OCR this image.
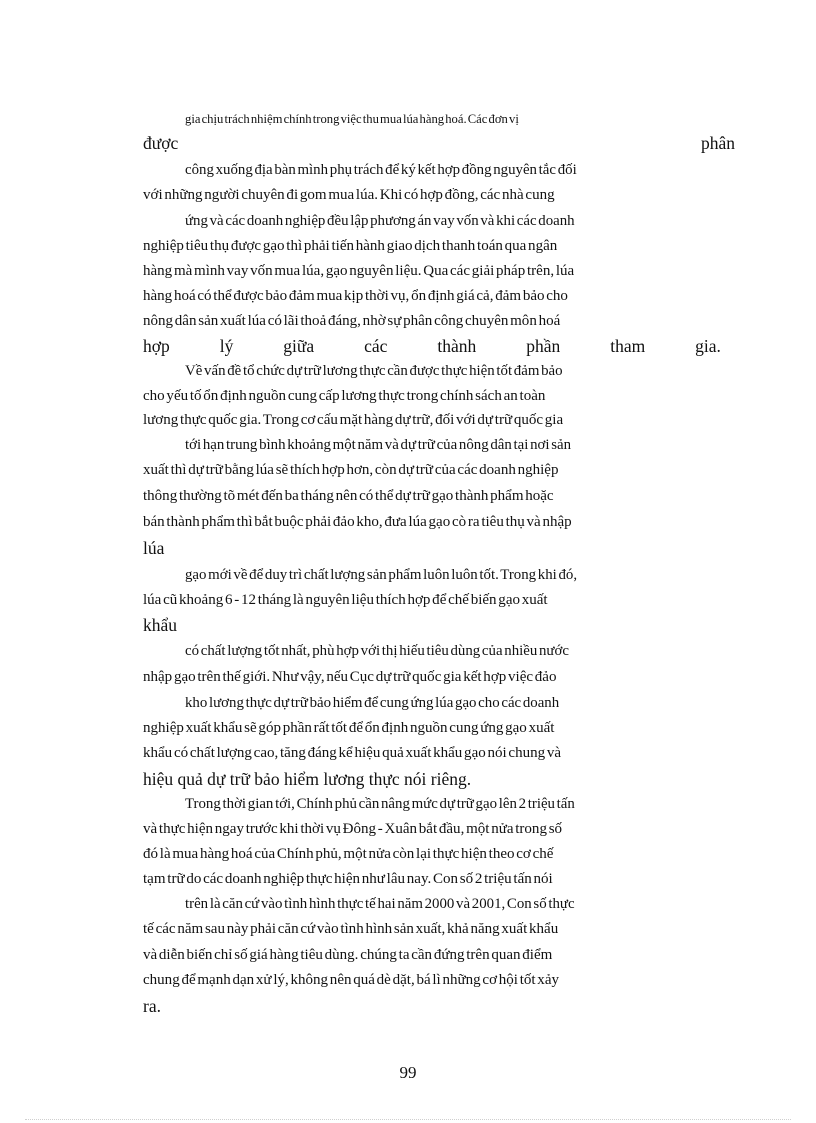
gia chịu trách nhiệm chính trong việc thu mua lúa hàng hoá. Các đơn vị
được	phân
công xuống địa bàn mình phụ trách để ký kết hợp đồng nguyên tắc đối
với những người chuyên đi gom mua lúa. Khi có hợp đồng, các nhà cung
ứng và các doanh nghiệp đều lập phương án vay vốn và khi các doanh
nghiệp tiêu thụ được gạo thì phải tiến hành giao dịch thanh toán qua ngân
hàng mà mình vay vốn mua lúa, gạo nguyên liệu. Qua các giải pháp trên, lúa
hàng hoá có thể được bảo đảm mua kịp thời vụ, ổn định giá cả, đảm bảo cho
nông dân sản xuất lúa có lãi thoả đáng, nhờ sự phân công chuyên môn hoá
hợp	lý	giữa	các	thành	phần	tham	gia.
Về vấn đề tổ chức dự trữ lương thực cần được thực hiện tốt đảm bảo
cho yếu tố ổn định nguồn cung cấp lương thực trong chính sách an toàn
lương thực quốc gia. Trong cơ cấu mặt hàng dự trữ, đối với dự trữ quốc gia
tới hạn trung bình khoảng một năm và dự trữ của nông dân tại nơi sản
xuất thì dự trữ bằng lúa sẽ thích hợp hơn, còn dự trữ của các doanh nghiệp
thông thường tõ mét đến ba tháng nên có thể dự trữ gạo thành phẩm hoặc
bán thành phẩm thì bắt buộc phải đảo kho, đưa lúa gạo cò ra tiêu thụ và nhập
lúa
gạo mới về để duy trì chất lượng sản phẩm luôn luôn tốt. Trong khi đó,
lúa cũ khoảng 6 - 12 tháng là nguyên liệu thích hợp để chế biến gạo xuất
khẩu
có chất lượng tốt nhất, phù hợp với thị hiếu tiêu dùng của nhiều nước
nhập gạo trên thế giới. Như vậy, nếu Cục dự trữ quốc gia kết hợp việc đảo
kho lương thực dự trữ bảo hiểm để cung ứng lúa gạo cho các doanh
nghiệp xuất khẩu sẽ góp phần rất tốt để ổn định nguồn cung ứng gạo xuất
khẩu có chất lượng cao, tăng đáng kể hiệu quả xuất khẩu gạo nói chung và
hiệu quả dự trữ bảo hiểm lương thực nói riêng.
Trong thời gian tới, Chính phủ cần nâng mức dự trữ gạo lên 2 triệu tấn
và thực hiện ngay trước khi thời vụ Đông - Xuân bắt đầu, một nửa trong số
đó là mua hàng hoá của Chính phủ, một nửa còn lại thực hiện theo cơ chế
tạm trữ do các doanh nghiệp thực hiện như lâu nay. Con số 2 triệu tấn nói
trên là căn cứ vào tình hình thực tế hai năm 2000 và 2001, Con số thực
tế các năm sau này phải căn cứ vào tình hình sản xuất, khả năng xuất khẩu
và diễn biến chỉ số giá hàng tiêu dùng. chúng ta cần đứng trên quan điểm
chung để mạnh dạn xử lý, không nên quá dè dặt, bá lì những cơ hội tốt xảy
ra.
99
